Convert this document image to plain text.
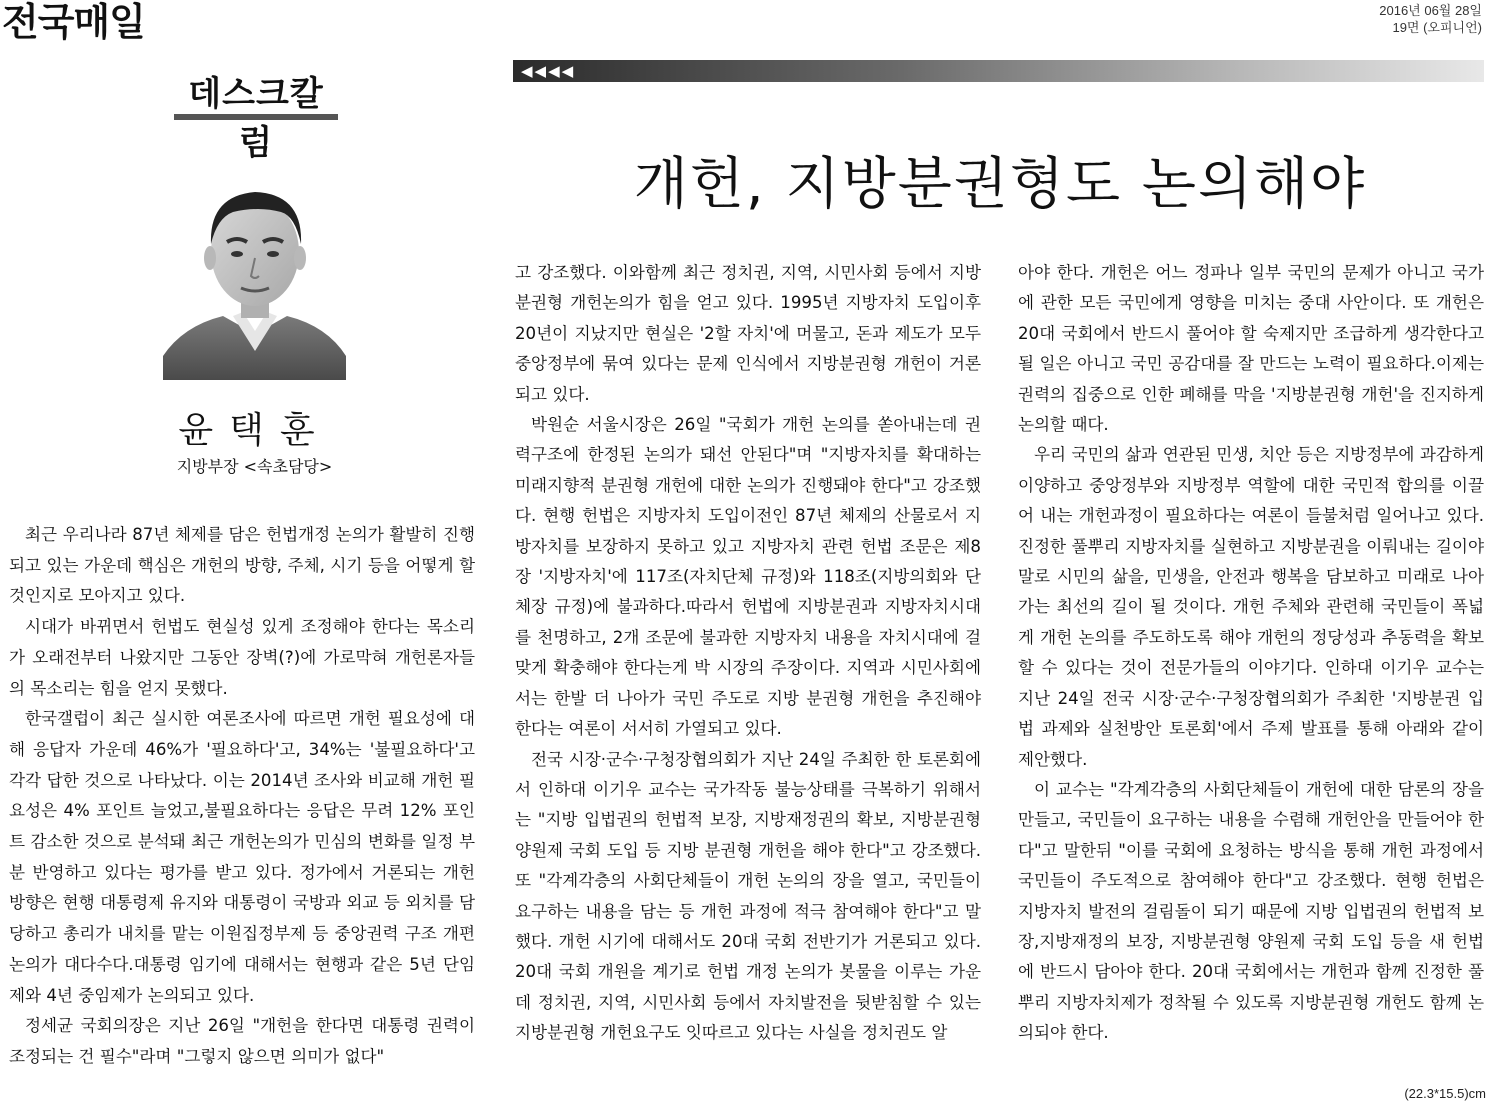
전국매일	2016년 06월 28일
19면 (오피니언)
데스크칼럼
윤택훈
지방부장 <속초담당>
◀◀◀◀
개헌, 지방분권형도 논의해야

최근 우리나라 87년 체제를 담은 헌법개정 논의가 활발히 진행되고 있는 가운데 핵심은 개헌의 방향, 주체, 시기 등을 어떻게 할 것인지로 모아지고 있다.

시대가 바뀌면서 헌법도 현실성 있게 조정해야 한다는 목소리가 오래전부터 나왔지만 그동안 장벽(?)에 가로막혀 개헌론자들의 목소리는 힘을 얻지 못했다.

한국갤럽이 최근 실시한 여론조사에 따르면 개헌 필요성에 대해 응답자 가운데 46%가 '필요하다'고, 34%는 '불필요하다'고 각각 답한 것으로 나타났다. 이는 2014년 조사와 비교해 개헌 필요성은 4% 포인트 늘었고,불필요하다는 응답은 무려 12% 포인트 감소한 것으로 분석돼 최근 개헌논의가 민심의 변화를 일정 부분 반영하고 있다는 평가를 받고 있다. 정가에서 거론되는 개헌 방향은 현행 대통령제 유지와 대통령이 국방과 외교 등 외치를 담당하고 총리가 내치를 맡는 이원집정부제 등 중앙권력 구조 개편논의가 대다수다.대통령 임기에 대해서는 현행과 같은 5년 단임제와 4년 중임제가 논의되고 있다.

정세균 국회의장은 지난 26일 "개헌을 한다면 대통령 권력이 조정되는 건 필수"라며 "그렇지 않으면 의미가 없다"

고 강조했다. 이와함께 최근 정치권, 지역, 시민사회 등에서 지방분권형 개헌논의가 힘을 얻고 있다. 1995년 지방자치 도입이후 20년이 지났지만 현실은 '2할 자치'에 머물고, 돈과 제도가 모두 중앙정부에 묶여 있다는 문제 인식에서 지방분권형 개헌이 거론되고 있다.

박원순 서울시장은 26일 "국회가 개헌 논의를 쏟아내는데 권력구조에 한정된 논의가 돼선 안된다"며 "지방자치를 확대하는 미래지향적 분권형 개헌에 대한 논의가 진행돼야 한다"고 강조했다. 현행 헌법은 지방자치 도입이전인 87년 체제의 산물로서 지방자치를 보장하지 못하고 있고 지방자치 관련 헌법 조문은 제8장 '지방자치'에 117조(자치단체 규정)와 118조(지방의회와 단체장 규정)에 불과하다.따라서 헌법에 지방분권과 지방자치시대를 천명하고, 2개 조문에 불과한 지방자치 내용을 자치시대에 걸맞게 확충해야 한다는게 박 시장의 주장이다. 지역과 시민사회에서는 한발 더 나아가 국민 주도로 지방 분권형 개헌을 추진해야 한다는 여론이 서서히 가열되고 있다.

전국 시장·군수·구청장협의회가 지난 24일 주최한 한 토론회에서 인하대 이기우 교수는 국가작동 불능상태를 극복하기 위해서는 "지방 입법권의 헌법적 보장, 지방재정권의 확보, 지방분권형 양원제 국회 도입 등 지방 분권형 개헌을 해야 한다"고 강조했다. 또 "각계각층의 사회단체들이 개헌 논의의 장을 열고, 국민들이 요구하는 내용을 담는 등 개헌 과정에 적극 참여해야 한다"고 말했다. 개헌 시기에 대해서도 20대 국회 전반기가 거론되고 있다. 20대 국회 개원을 계기로 헌법 개정 논의가 봇물을 이루는 가운데 정치권, 지역, 시민사회 등에서 자치발전을 뒷받침할 수 있는 지방분권형 개헌요구도 잇따르고 있다는 사실을 정치권도 알

아야 한다. 개헌은 어느 정파나 일부 국민의 문제가 아니고 국가에 관한 모든 국민에게 영향을 미치는 중대 사안이다. 또 개헌은 20대 국회에서 반드시 풀어야 할 숙제지만 조급하게 생각한다고 될 일은 아니고 국민 공감대를 잘 만드는 노력이 필요하다.이제는 권력의 집중으로 인한 폐해를 막을 '지방분권형 개헌'을 진지하게 논의할 때다.

우리 국민의 삶과 연관된 민생, 치안 등은 지방정부에 과감하게 이양하고 중앙정부와 지방정부 역할에 대한 국민적 합의를 이끌어 내는 개헌과정이 필요하다는 여론이 들불처럼 일어나고 있다.진정한 풀뿌리 지방자치를 실현하고 지방분권을 이뤄내는 길이야말로 시민의 삶을, 민생을, 안전과 행복을 담보하고 미래로 나아가는 최선의 길이 될 것이다. 개헌 주체와 관련해 국민들이 폭넓게 개헌 논의를 주도하도록 해야 개헌의 정당성과 추동력을 확보할 수 있다는 것이 전문가들의 이야기다. 인하대 이기우 교수는 지난 24일 전국 시장·군수·구청장협의회가 주최한 '지방분권 입법 과제와 실천방안 토론회'에서 주제 발표를 통해 아래와 같이 제안했다.

이 교수는 "각계각층의 사회단체들이 개헌에 대한 담론의 장을 만들고, 국민들이 요구하는 내용을 수렴해 개헌안을 만들어야 한다"고 말한뒤 "이를 국회에 요청하는 방식을 통해 개헌 과정에서 국민들이 주도적으로 참여해야 한다"고 강조했다. 현행 헌법은 지방자치 발전의 걸림돌이 되기 때문에 지방 입법권의 헌법적 보장,지방재정의 보장, 지방분권형 양원제 국회 도입 등을 새 헌법에 반드시 담아야 한다. 20대 국회에서는 개헌과 함께 진정한 풀뿌리 지방자치제가 정착될 수 있도록 지방분권형 개헌도 함께 논의되야 한다.

(22.3*15.5)cm
